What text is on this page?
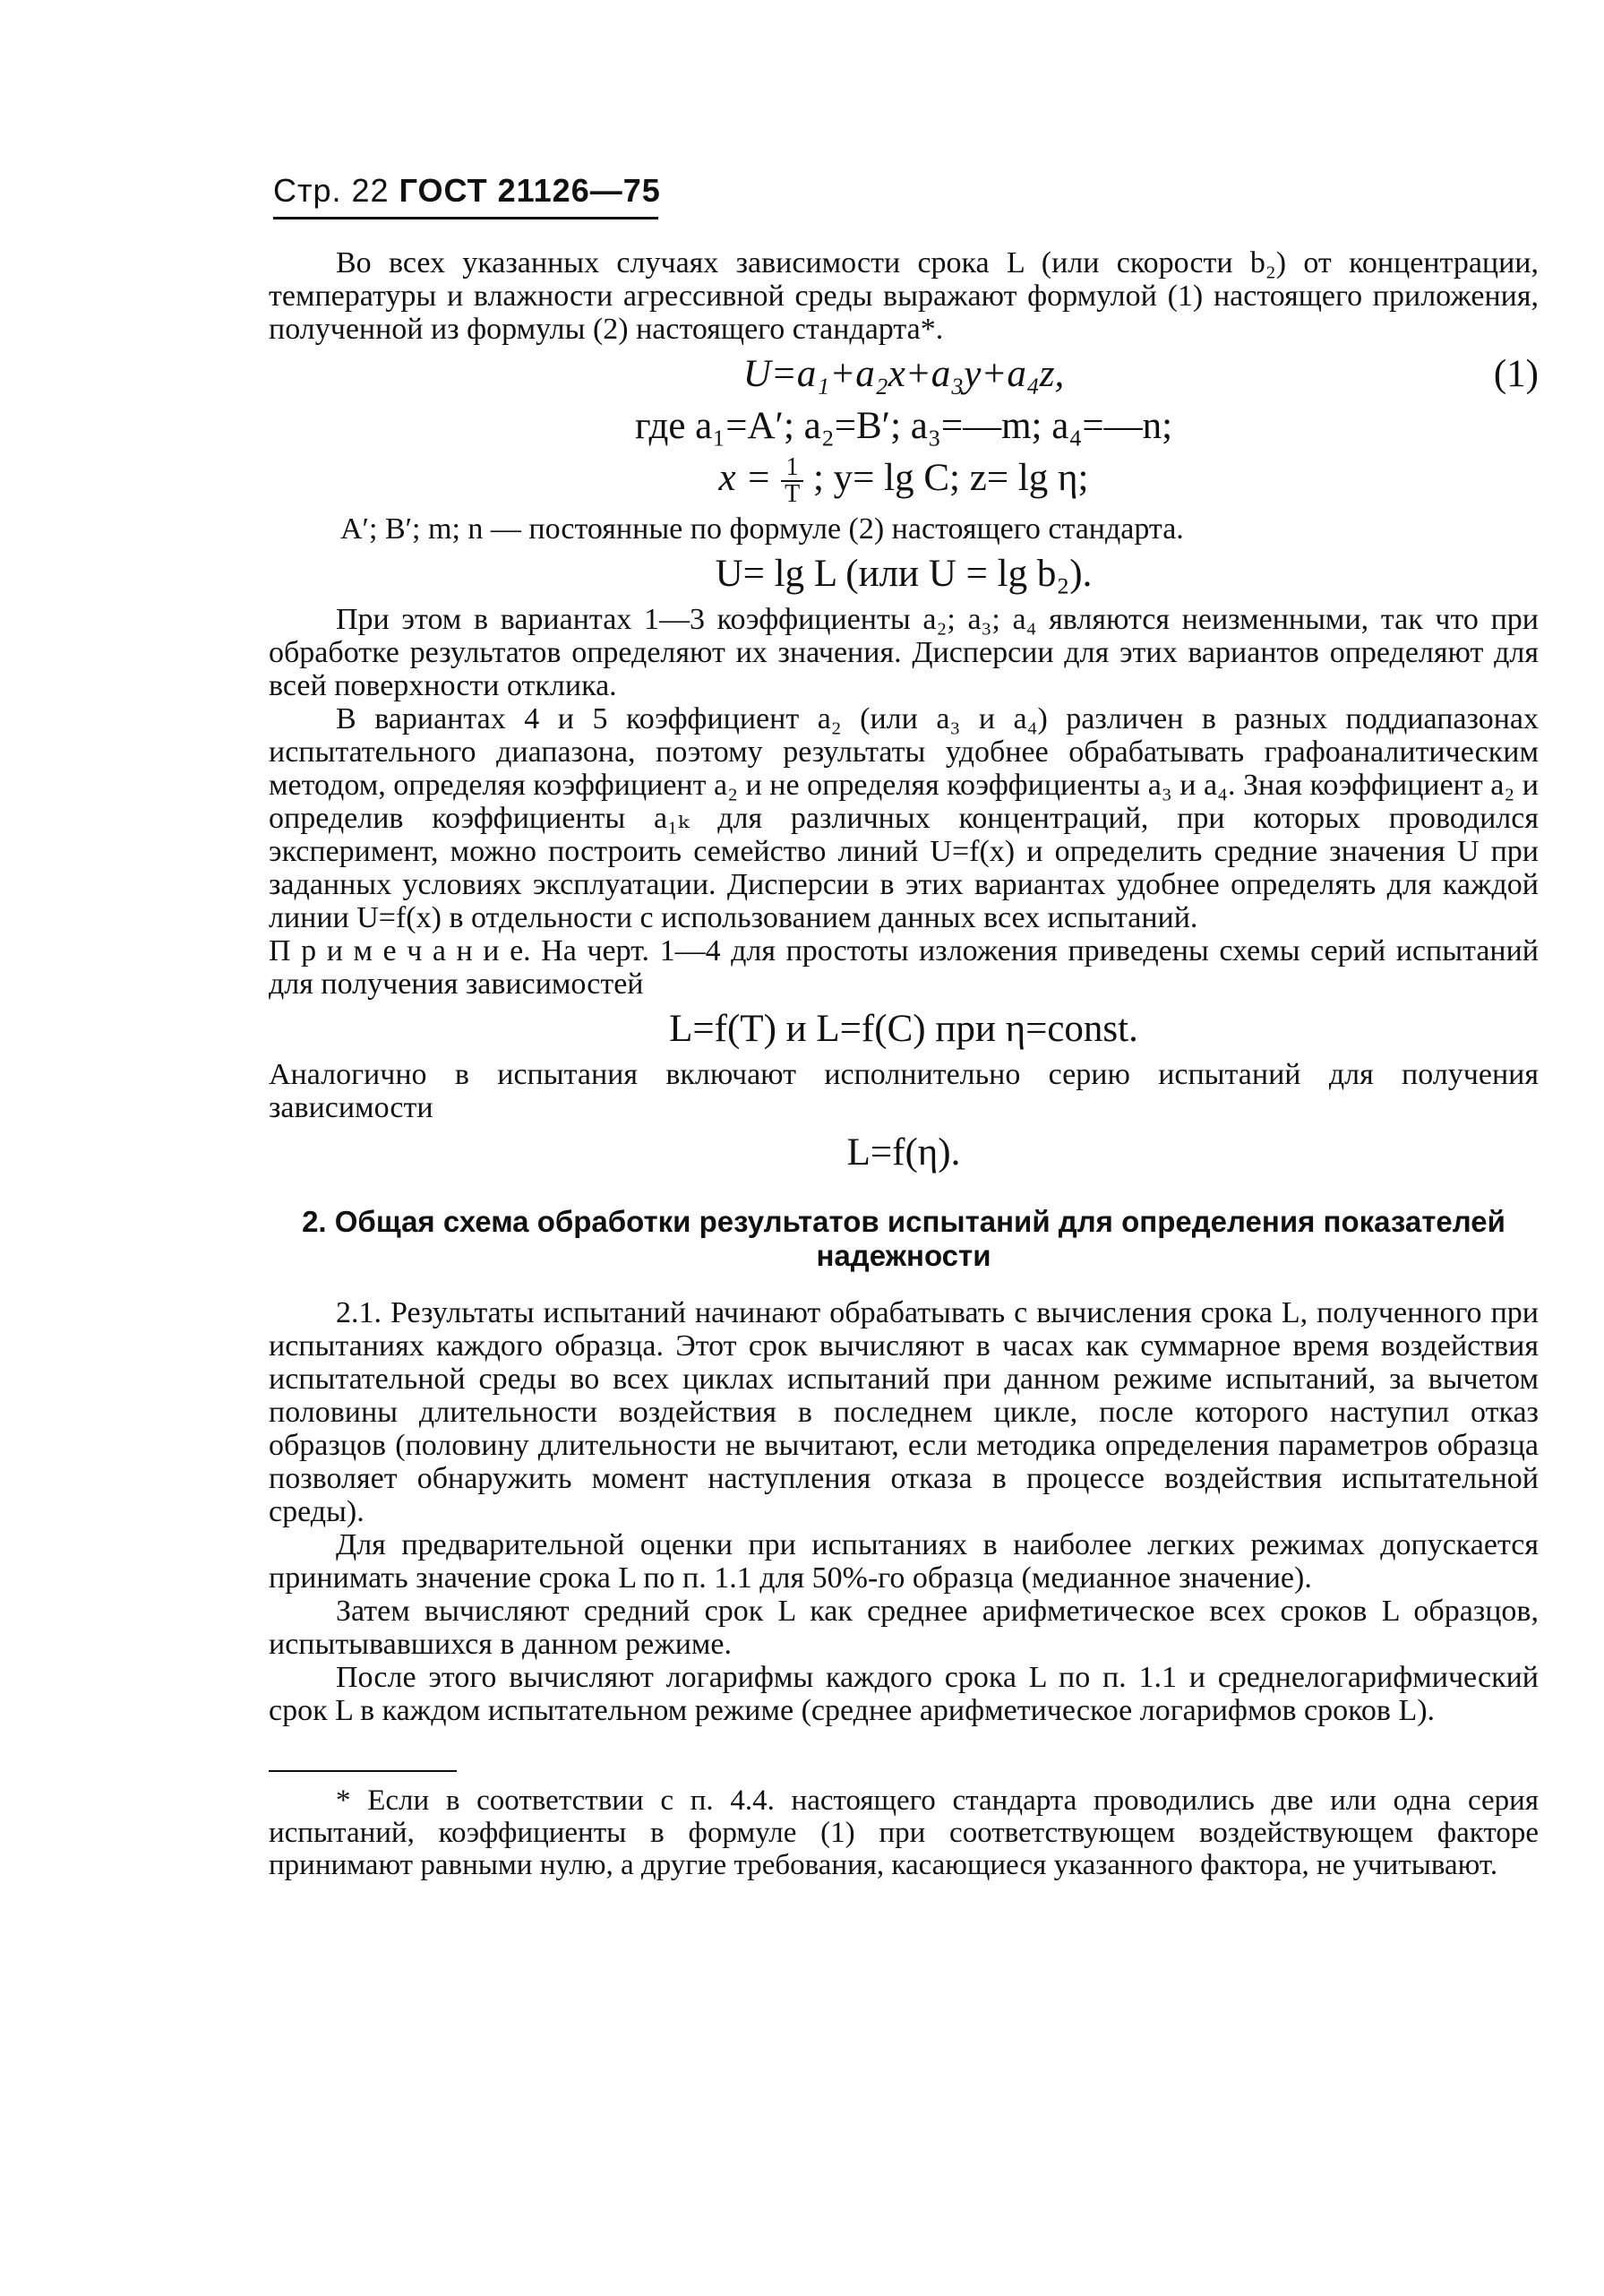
Стр. 22 ГОСТ 21126—75

Во всех указанных случаях зависимости срока L (или скорости b₂) от концентрации, температуры и влажности агрессивной среды выражают формулой (1) настоящего приложения, полученной из формулы (2) настоящего стандарта*.

U=a₁+a₂x+a₃y+a₄z,	(1)
где a₁=A′; a₂=B′; a₃=—m; a₄=—n;
$x = \frac{1}{T}$ ; y= lg C; z= lg η;

A′; B′; m; n — постоянные по формуле (2) настоящего стандарта.

U= lg L (или U = lg b₂).

При этом в вариантах 1—3 коэффициенты a₂; a₃; a₄ являются неизменными, так что при обработке результатов определяют их значения. Дисперсии для этих вариантов определяют для всей поверхности отклика.

В вариантах 4 и 5 коэффициент a₂ (или a₃ и a₄) различен в разных поддиапазонах испытательного диапазона, поэтому результаты удобнее обрабатывать графоаналитическим методом, определяя коэффициент a₂ и не определяя коэффициенты a₃ и a₄. Зная коэффициент a₂ и определив коэффициенты a₁ₖ для различных концентраций, при которых проводился эксперимент, можно построить семейство линий U=f(x) и определить средние значения U при заданных условиях эксплуатации. Дисперсии в этих вариантах удобнее определять для каждой линии U=f(x) в отдельности с использованием данных всех испытаний.

П р и м е ч а н и е. На черт. 1—4 для простоты изложения приведены схемы серий испытаний для получения зависимостей

L=f(T) и L=f(C) при η=const.

Аналогично в испытания включают исполнительно серию испытаний для получения зависимости

L=f(η).
2. Общая схема обработки результатов испытаний для определения показателей надежности

2.1. Результаты испытаний начинают обрабатывать с вычисления срока L, полученного при испытаниях каждого образца. Этот срок вычисляют в часах как суммарное время воздействия испытательной среды во всех циклах испытаний при данном режиме испытаний, за вычетом половины длительности воздействия в последнем цикле, после которого наступил отказ образцов (половину длительности не вычитают, если методика определения параметров образца позволяет обнаружить момент наступления отказа в процессе воздействия испытательной среды).

Для предварительной оценки при испытаниях в наиболее легких режимах допускается принимать значение срока L по п. 1.1 для 50%-го образца (медианное значение).

Затем вычисляют средний срок L как среднее арифметическое всех сроков L образцов, испытывавшихся в данном режиме.

После этого вычисляют логарифмы каждого срока L по п. 1.1 и среднелогарифмический срок L в каждом испытательном режиме (среднее арифметическое логарифмов сроков L).

* Если в соответствии с п. 4.4. настоящего стандарта проводились две или одна серия испытаний, коэффициенты в формуле (1) при соответствующем воздействующем факторе принимают равными нулю, а другие требования, касающиеся указанного фактора, не учитывают.
